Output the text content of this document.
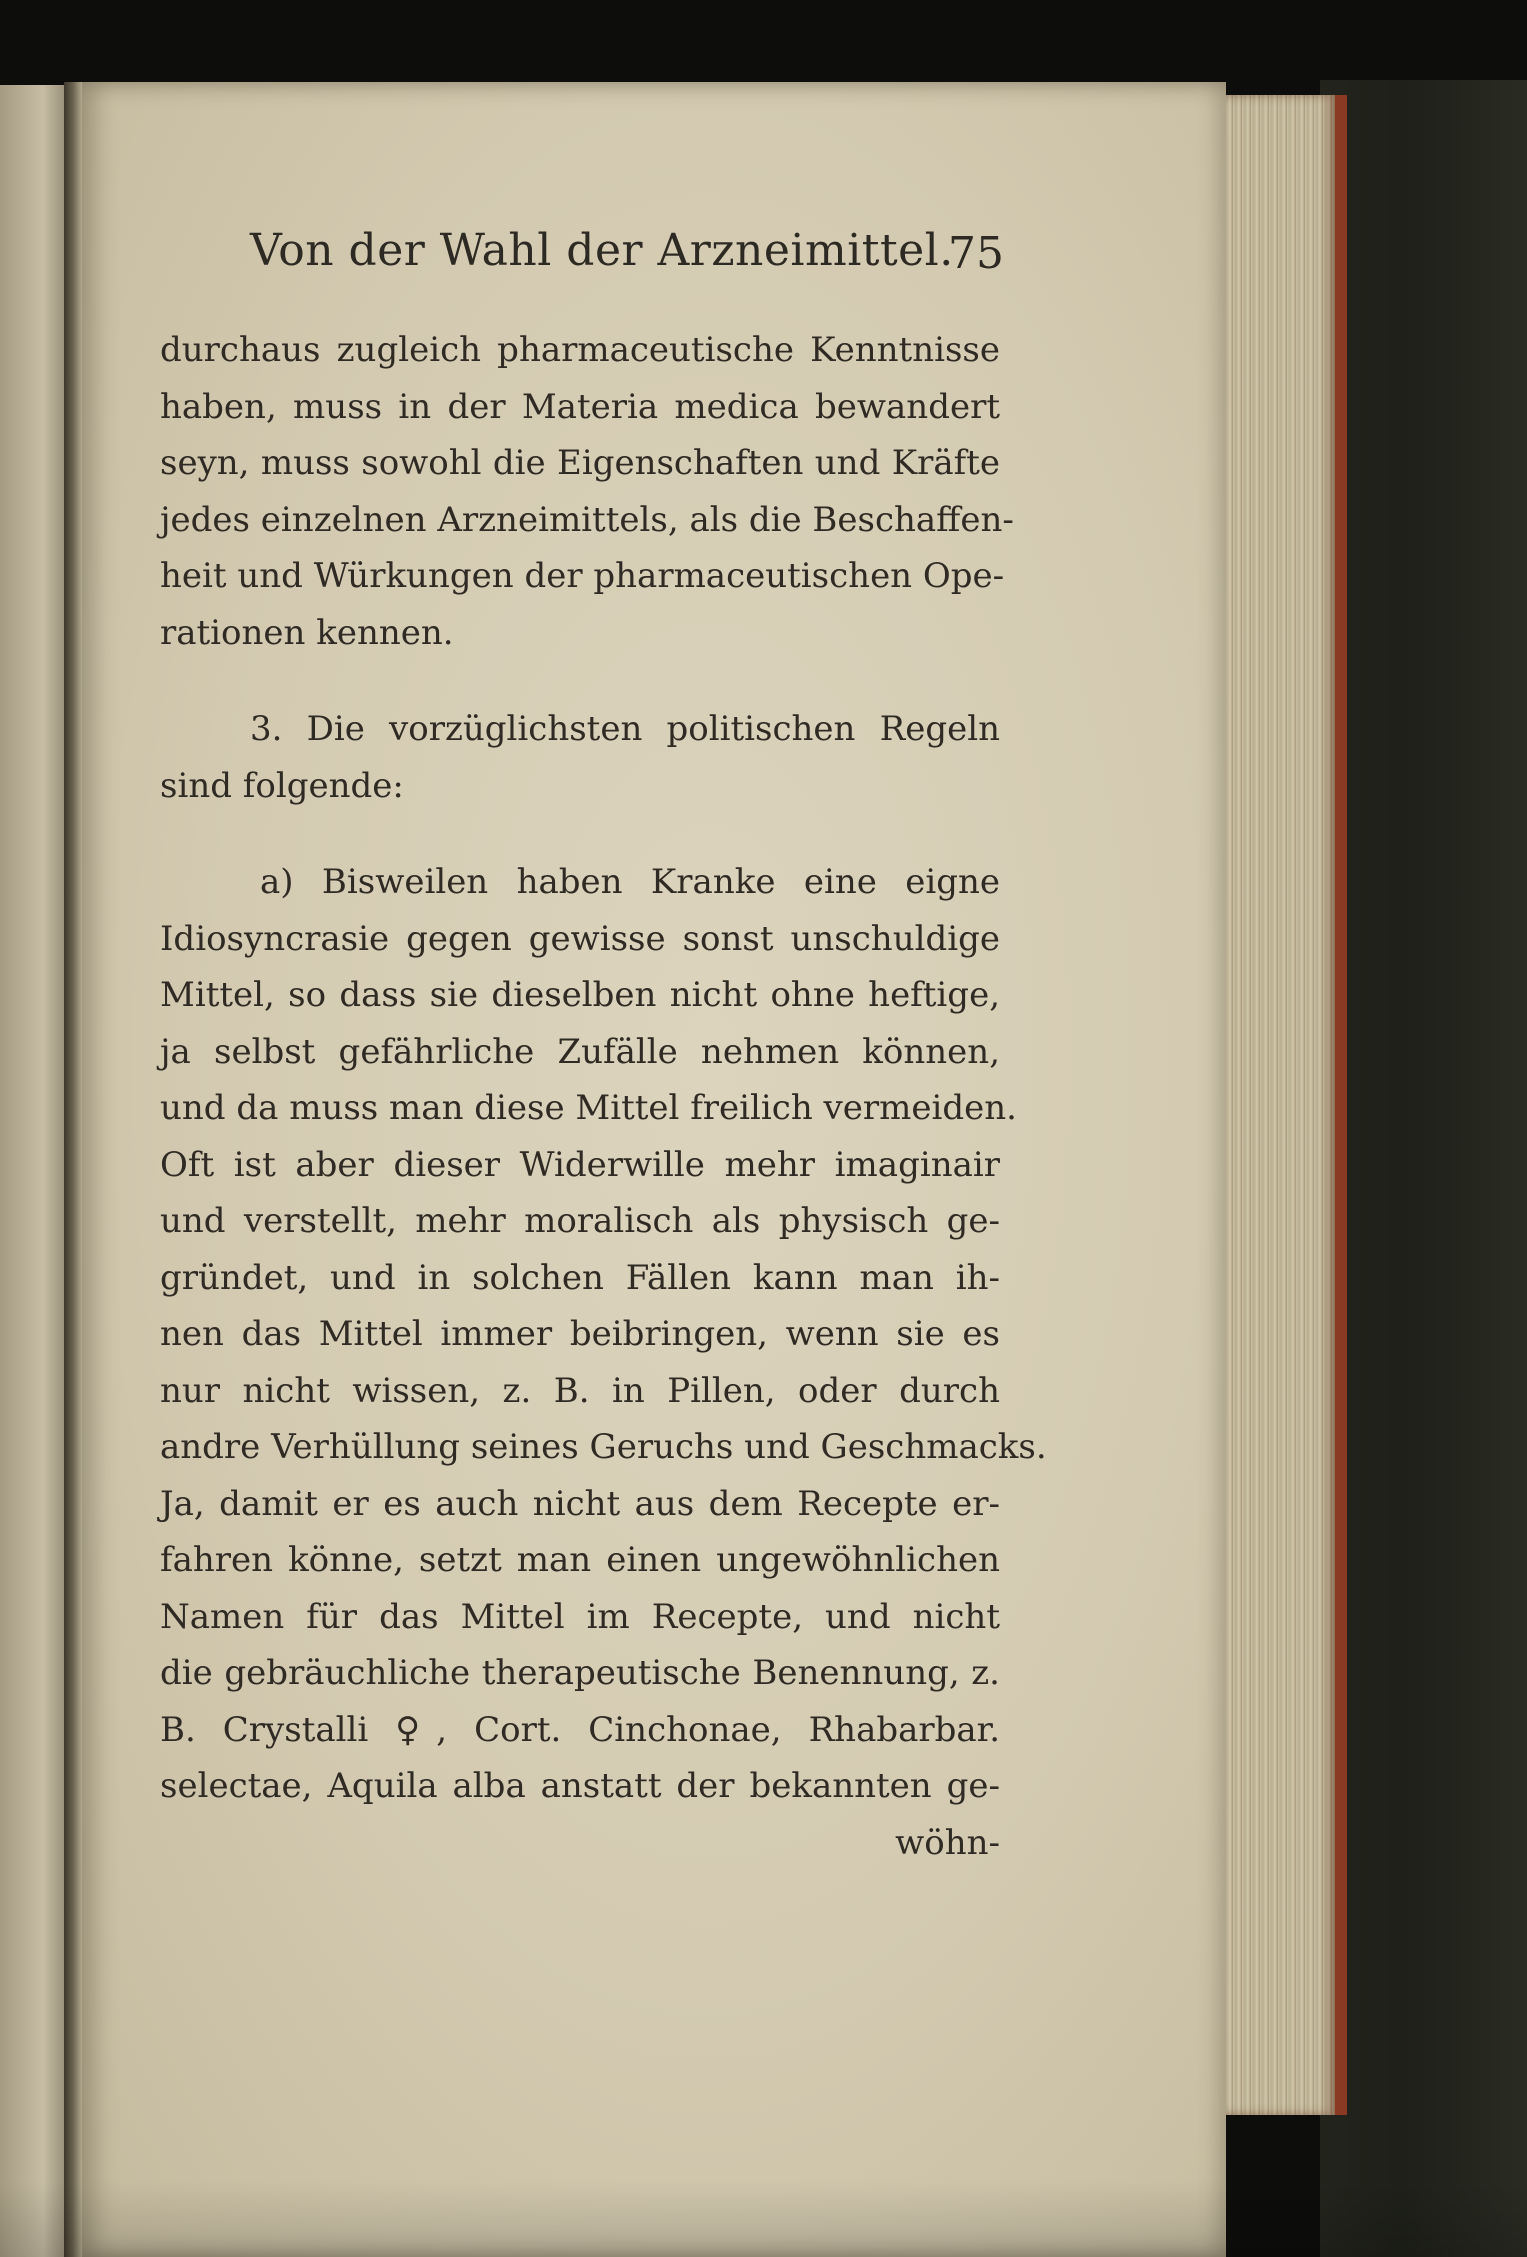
Von der Wahl der Arzneimittel.
75
durchaus zugleich pharmaceutische Kenntnisse
haben, muss in der Materia medica bewandert
seyn, muss sowohl die Eigenschaften und Kräfte
jedes einzelnen Arzneimittels, als die Beschaffen-
heit und Würkungen der pharmaceutischen Ope-
rationen kennen.
3. Die vorzüglichsten politischen Regeln
sind folgende:
a) Bisweilen haben Kranke eine eigne
Idiosyncrasie gegen gewisse sonst unschuldige
Mittel, so dass sie dieselben nicht ohne heftige,
ja selbst gefährliche Zufälle nehmen können,
und da muss man diese Mittel freilich vermeiden.
Oft ist aber dieser Widerwille mehr imaginair
und verstellt, mehr moralisch als physisch ge-
gründet, und in solchen Fällen kann man ih-
nen das Mittel immer beibringen, wenn sie es
nur nicht wissen, z. B. in Pillen, oder durch
andre Verhüllung seines Geruchs und Geschmacks.
Ja, damit er es auch nicht aus dem Recepte er-
fahren könne, setzt man einen ungewöhnlichen
Namen für das Mittel im Recepte, und nicht
die gebräuchliche therapeutische Benennung, z.
B. Crystalli ♀, Cort. Cinchonae, Rhabarbar.
selectae, Aquila alba anstatt der bekannten ge-
wöhn-
